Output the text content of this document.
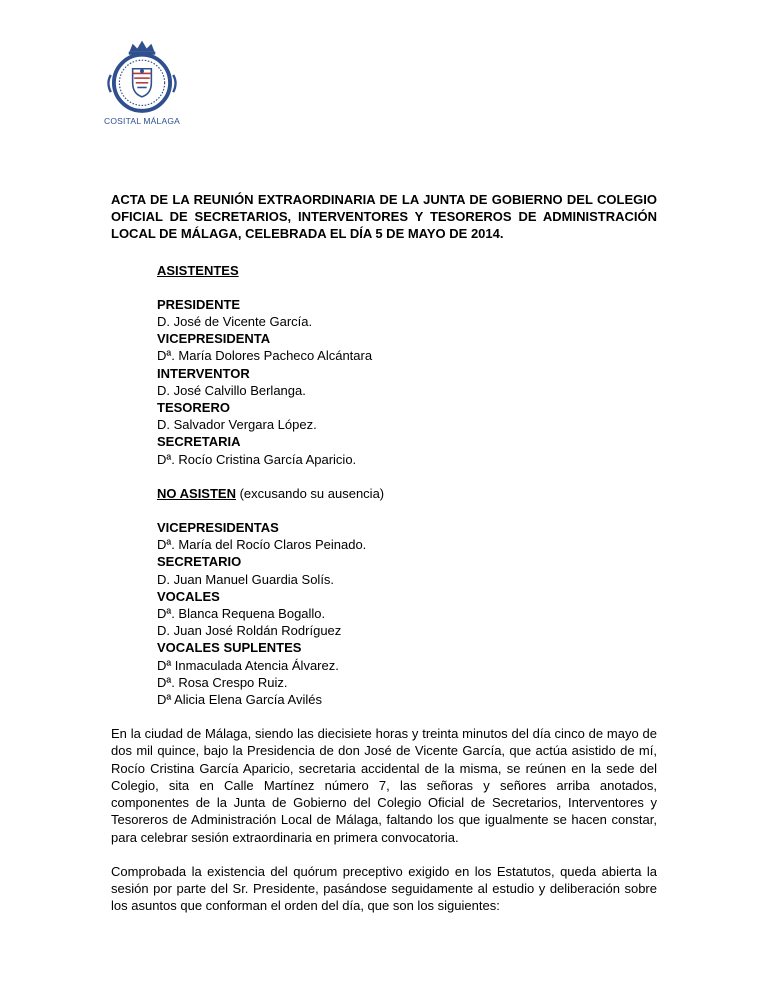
COSITAL MÁLAGA

ACTA DE LA REUNIÓN EXTRAORDINARIA DE LA JUNTA DE GOBIERNO DEL COLEGIO OFICIAL DE SECRETARIOS, INTERVENTORES Y TESOREROS DE ADMINISTRACIÓN LOCAL DE MÁLAGA, CELEBRADA EL DÍA 5 DE MAYO DE 2014.

ASISTENTES

PRESIDENTE

D. José de Vicente García.

VICEPRESIDENTA

Dª. María Dolores Pacheco Alcántara

INTERVENTOR

D. José Calvillo Berlanga.

TESORERO

D. Salvador Vergara López.

SECRETARIA

Dª. Rocío Cristina García Aparicio.

NO ASISTEN (excusando su ausencia)

VICEPRESIDENTAS

Dª. María del Rocío Claros Peinado.

SECRETARIO

D. Juan Manuel Guardia Solís.

VOCALES

Dª. Blanca Requena Bogallo.

D. Juan José Roldán Rodríguez

VOCALES SUPLENTES

Dª Inmaculada Atencia Álvarez.

Dª. Rosa Crespo Ruiz.

Dª Alicia Elena García Avilés

En la ciudad de Málaga, siendo las diecisiete horas y treinta minutos del día cinco de mayo de dos mil quince, bajo la Presidencia de don José de Vicente García, que actúa asistido de mí, Rocío Cristina García Aparicio, secretaria accidental de la misma, se reúnen en la sede del Colegio, sita en Calle Martínez número 7, las señoras y señores arriba anotados, componentes de la Junta de Gobierno del Colegio Oficial de Secretarios, Interventores y Tesoreros de Administración Local de Málaga, faltando los que igualmente se hacen constar, para celebrar sesión extraordinaria en primera convocatoria.

Comprobada la existencia del quórum preceptivo exigido en los Estatutos, queda abierta la sesión por parte del Sr. Presidente, pasándose seguidamente al estudio y deliberación sobre los asuntos que conforman el orden del día, que son los siguientes:
